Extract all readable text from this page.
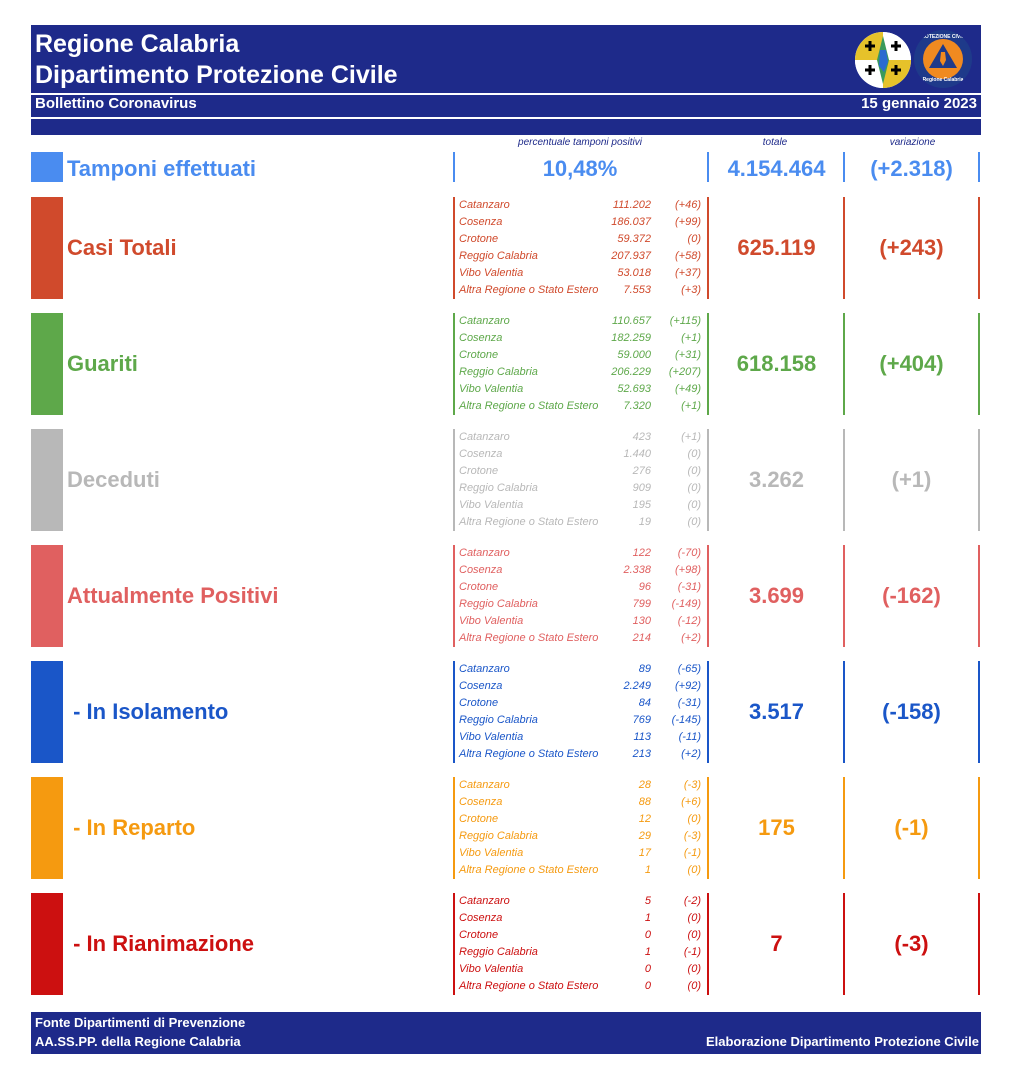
Regione Calabria
Dipartimento Protezione Civile
Bollettino Coronavirus	15 gennaio 2023
PROTEZIONE CIVILE
Regione Calabria
percentuale tamponi positivi	totale	variazione
Tamponi effettuati	10,48%	4.154.464	(+2.318)
Casi Totali
Catanzaro	111.202	(+46)
Cosenza	186.037	(+99)
Crotone	59.372	(0)
Reggio Calabria	207.937	(+58)
Vibo Valentia	53.018	(+37)
Altra Regione o Stato Estero 7.553	(+3)
625.119	(+243)
Guariti
Catanzaro	110.657	(+115)
Cosenza	182.259	(+1)
Crotone	59.000	(+31)
Reggio Calabria	206.229	(+207)
Vibo Valentia	52.693	(+49)
Altra Regione o Stato Estero 7.320	(+1)
618.158	(+404)
Deceduti
Catanzaro	423	(+1)
Cosenza	1.440	(0)
Crotone	276	(0)
Reggio Calabria	909	(0)
Vibo Valentia	195	(0)
Altra Regione o Stato Estero	19	(0)
3.262	(+1)
Attualmente Positivi
Catanzaro	122	(-70)
Cosenza	2.338	(+98)
Crotone	96	(-31)
Reggio Calabria	799	(-149)
Vibo Valentia	130	(-12)
Altra Regione o Stato Estero	214	(+2)
3.699	(-162)
- In Isolamento
Catanzaro	89	(-65)
Cosenza	2.249	(+92)
Crotone	84	(-31)
Reggio Calabria	769	(-145)
Vibo Valentia	113	(-11)
Altra Regione o Stato Estero	213	(+2)
3.517	(-158)
- In Reparto
Catanzaro	28	(-3)
Cosenza	88	(+6)
Crotone	12	(0)
Reggio Calabria	29	(-3)
Vibo Valentia	17	(-1)
Altra Regione o Stato Estero	1	(0)
175	(-1)
- In Rianimazione
Catanzaro	5	(-2)
Cosenza	1	(0)
Crotone	0	(0)
Reggio Calabria	1	(-1)
Vibo Valentia	0	(0)
Altra Regione o Stato Estero	0	(0)
7	(-3)
Fonte Dipartimenti di Prevenzione
AA.SS.PP. della Regione Calabria	Elaborazione Dipartimento Protezione Civile
